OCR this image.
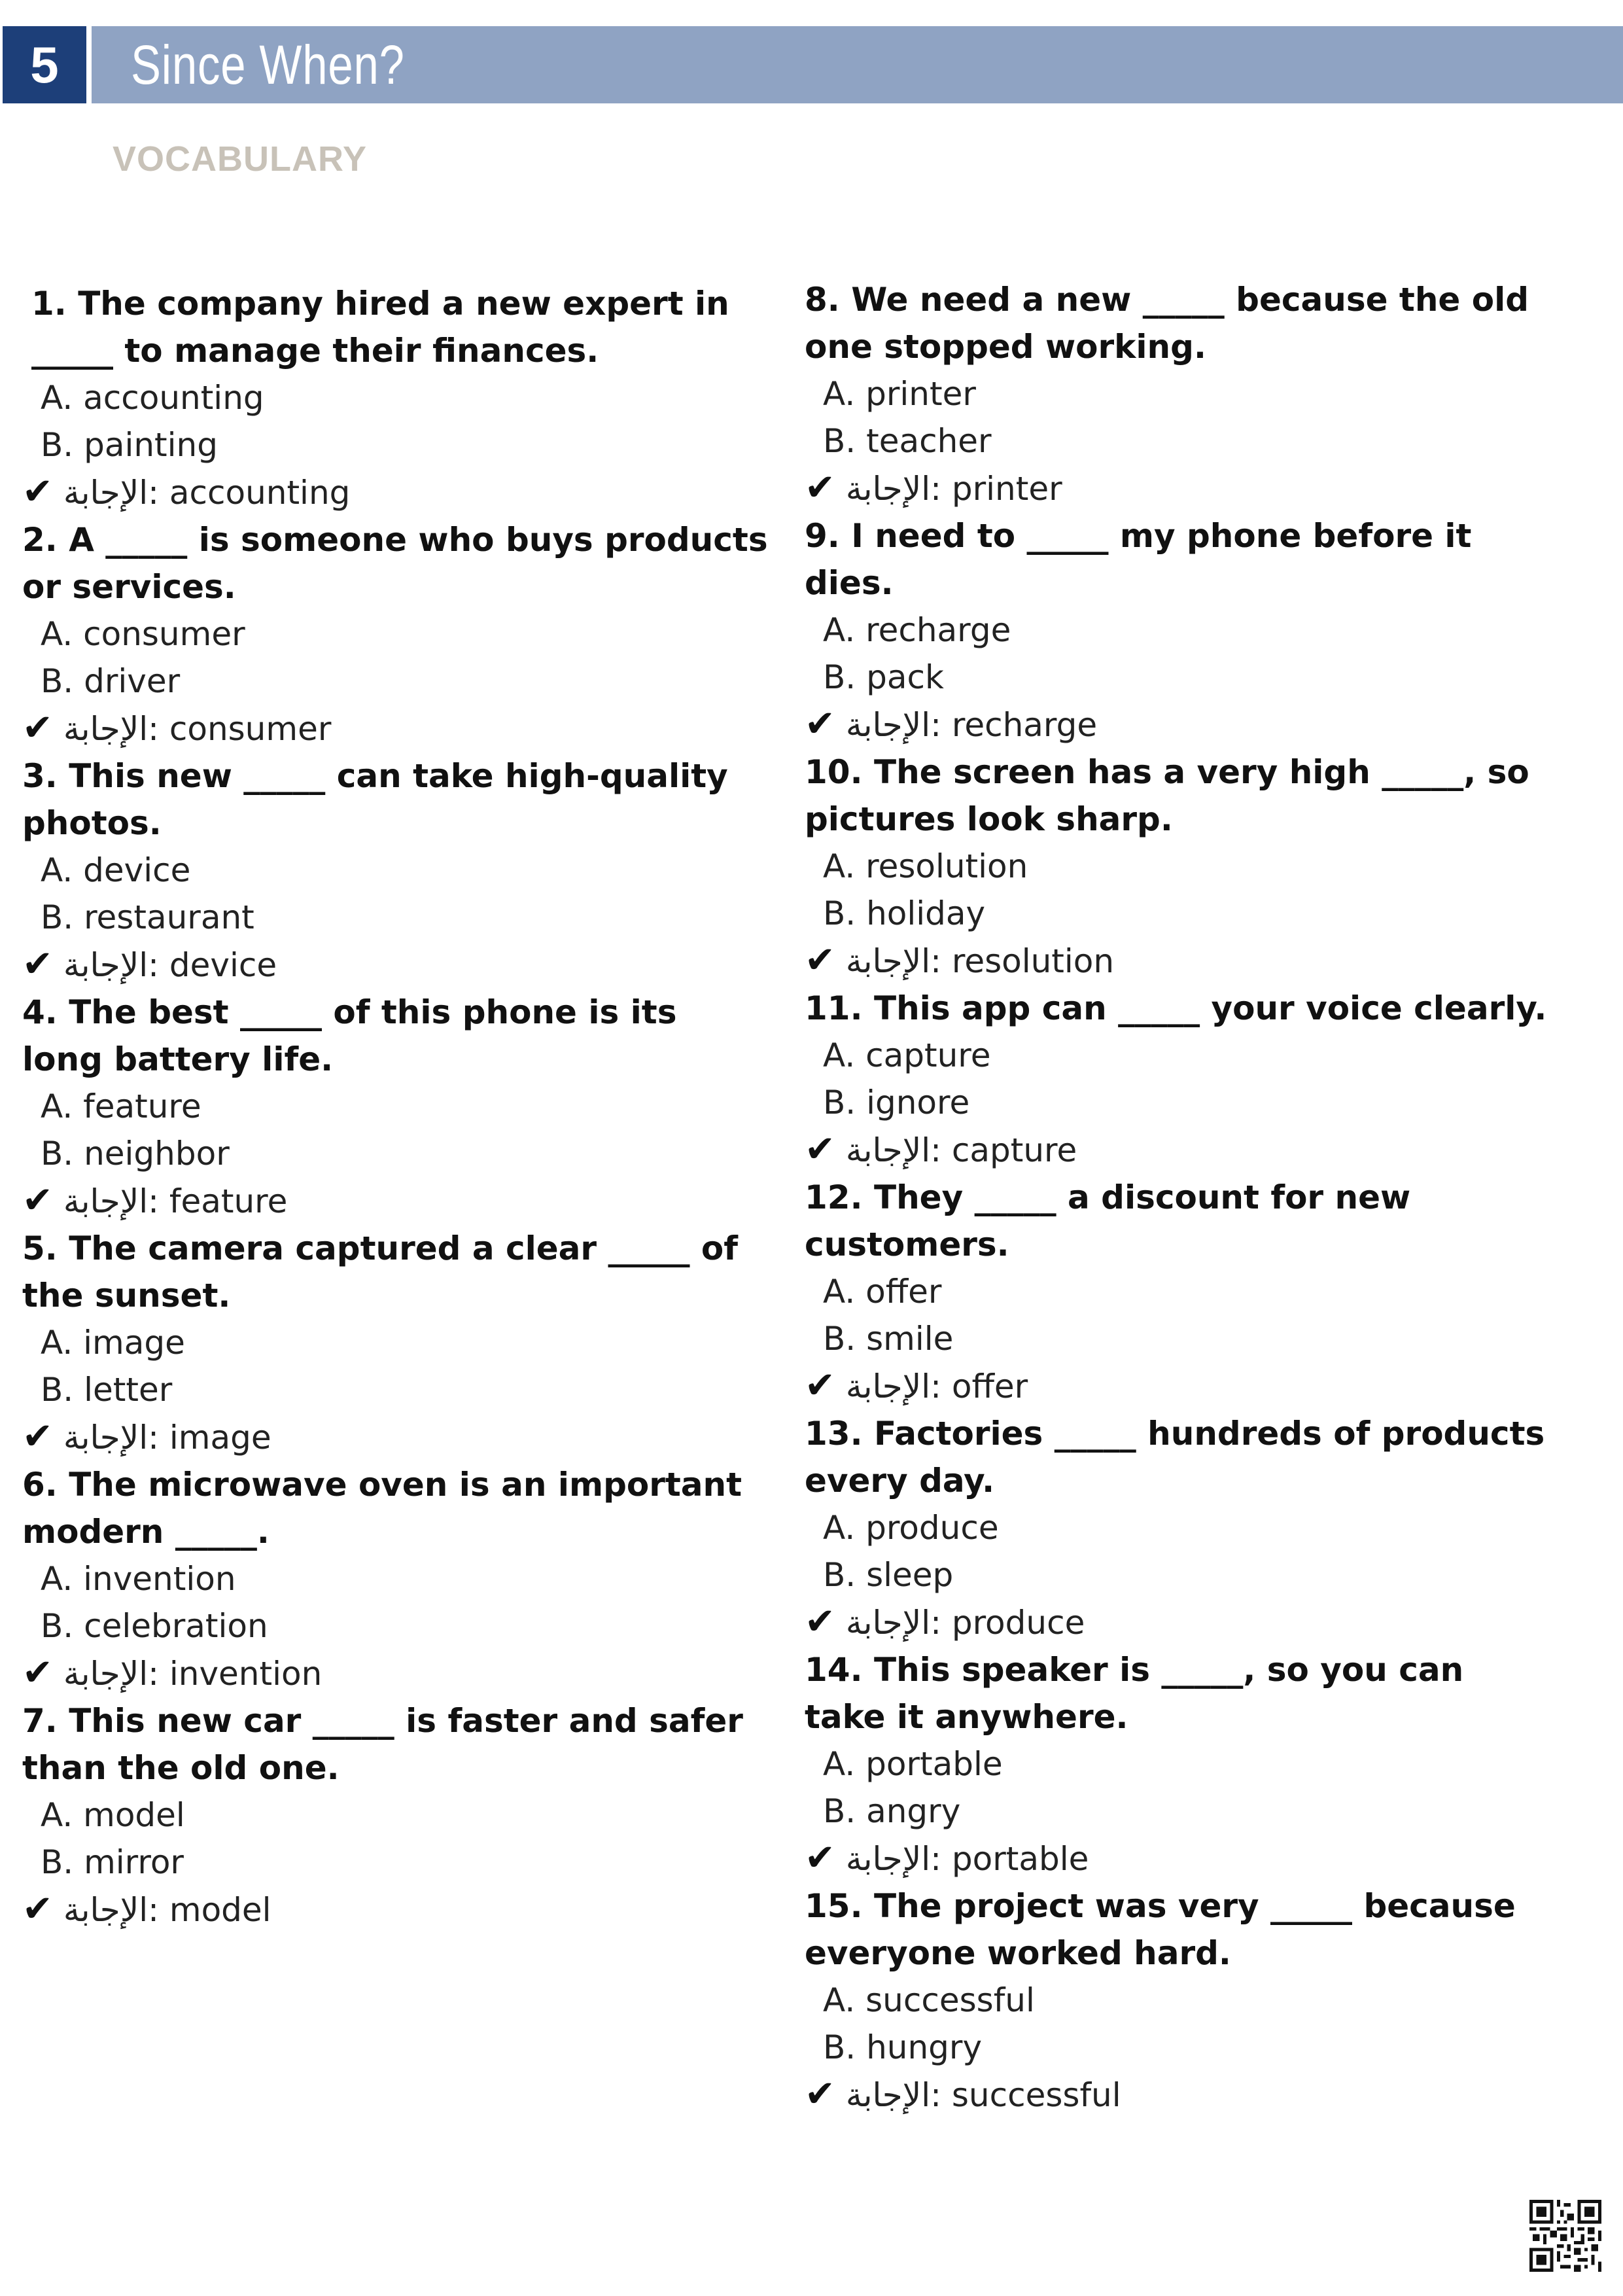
5	Since When?
VOCABULARY
1. The company hired a new expert in _____ to manage their finances.
A. accounting
B. painting
✔ الإجابة: accounting
2. A _____ is someone who buys products or services.
A. consumer
B. driver
✔ الإجابة: consumer
3. This new _____ can take high-quality photos.
A. device
B. restaurant
✔ الإجابة: device
4. The best _____ of this phone is its long battery life.
A. feature
B. neighbor
✔ الإجابة: feature
5. The camera captured a clear _____ of the sunset.
A. image
B. letter
✔ الإجابة: image
6. The microwave oven is an important modern _____.
A. invention
B. celebration
✔ الإجابة: invention
7. This new car _____ is faster and safer than the old one.
A. model
B. mirror
✔ الإجابة: model
8. We need a new _____ because the old one stopped working.
A. printer
B. teacher
✔ الإجابة: printer
9. I need to _____ my phone before it dies.
A. recharge
B. pack
✔ الإجابة: recharge
10. The screen has a very high _____, so pictures look sharp.
A. resolution
B. holiday
✔ الإجابة: resolution
11. This app can _____ your voice clearly.
A. capture
B. ignore
✔ الإجابة: capture
12. They _____ a discount for new customers.
A. offer
B. smile
✔ الإجابة: offer
13. Factories _____ hundreds of products every day.
A. produce
B. sleep
✔ الإجابة: produce
14. This speaker is _____, so you can take it anywhere.
A. portable
B. angry
✔ الإجابة: portable
15. The project was very _____ because everyone worked hard.
A. successful
B. hungry
✔ الإجابة: successful
